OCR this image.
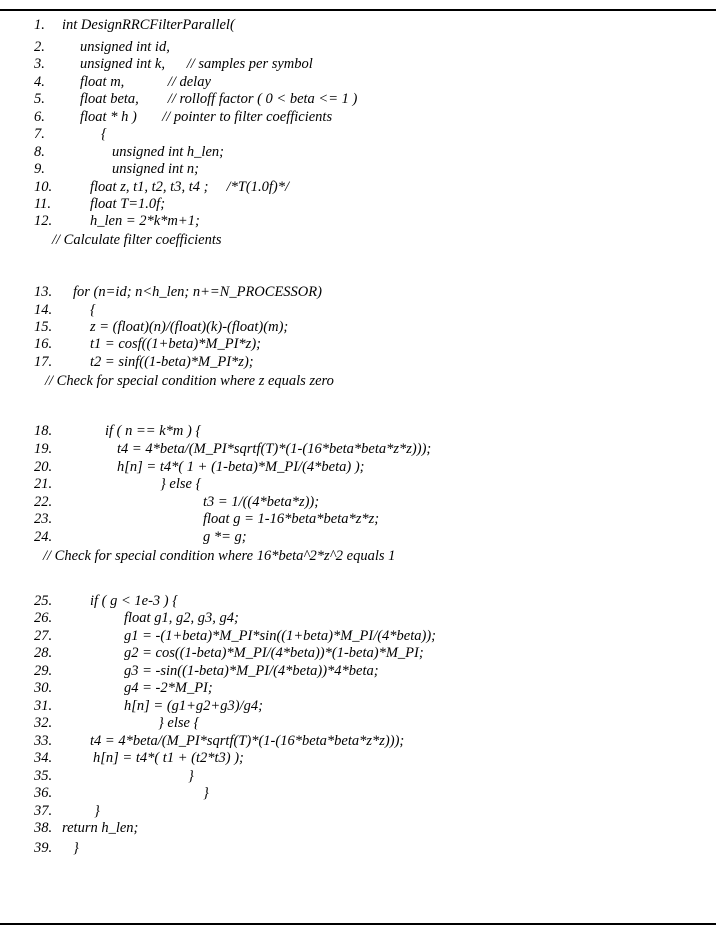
1. int DesignRRCFilterParallel(
2. unsigned int id,
3. unsigned int k,      // samples per symbol
4. float m,            // delay
5. float beta,        // rolloff factor ( 0 < beta <= 1 )
6. float * h )       // pointer to filter coefficients
7.	{
8.	unsigned int h_len;
9.	unsigned int n;
10.	float z, t1, t2, t3, t4 ;     /*T(1.0f)*/
11.	float T=1.0f;
12.	h_len = 2*k*m+1;
// Calculate filter coefficients
13. for (n=id; n<h_len; n+=N_PROCESSOR)
14.	{
15.	z = (float)(n)/(float)(k)-(float)(m);
16.	t1 = cosf((1+beta)*M_PI*z);
17.	t2 = sinf((1-beta)*M_PI*z);
// Check for special condition where z equals zero
18.	if ( n == k*m ) {
19.	t4 = 4*beta/(M_PI*sqrtf(T)*(1-(16*beta*beta*z*z)));
20.	h[n] = t4*( 1 + (1-beta)*M_PI/(4*beta) );
21.	} else {
22.	t3 = 1/((4*beta*z));
23.	float g = 1-16*beta*beta*z*z;
24.	g *= g;
// Check for special condition where 16*beta^2*z^2 equals 1
25.	if ( g < 1e-3 ) {
26.	float g1, g2, g3, g4;
27.	g1 = -(1+beta)*M_PI*sin((1+beta)*M_PI/(4*beta));
28.	g2 = cos((1-beta)*M_PI/(4*beta))*(1-beta)*M_PI;
29.	g3 = -sin((1-beta)*M_PI/(4*beta))*4*beta;
30.	g4 = -2*M_PI;
31.	h[n] = (g1+g2+g3)/g4;
32.	} else {
33.	t4 = 4*beta/(M_PI*sqrtf(T)*(1-(16*beta*beta*z*z)));
34.	h[n] = t4*( t1 + (t2*t3) );
35.	}
36.	}
37.	}
38. return h_len;
39. }
